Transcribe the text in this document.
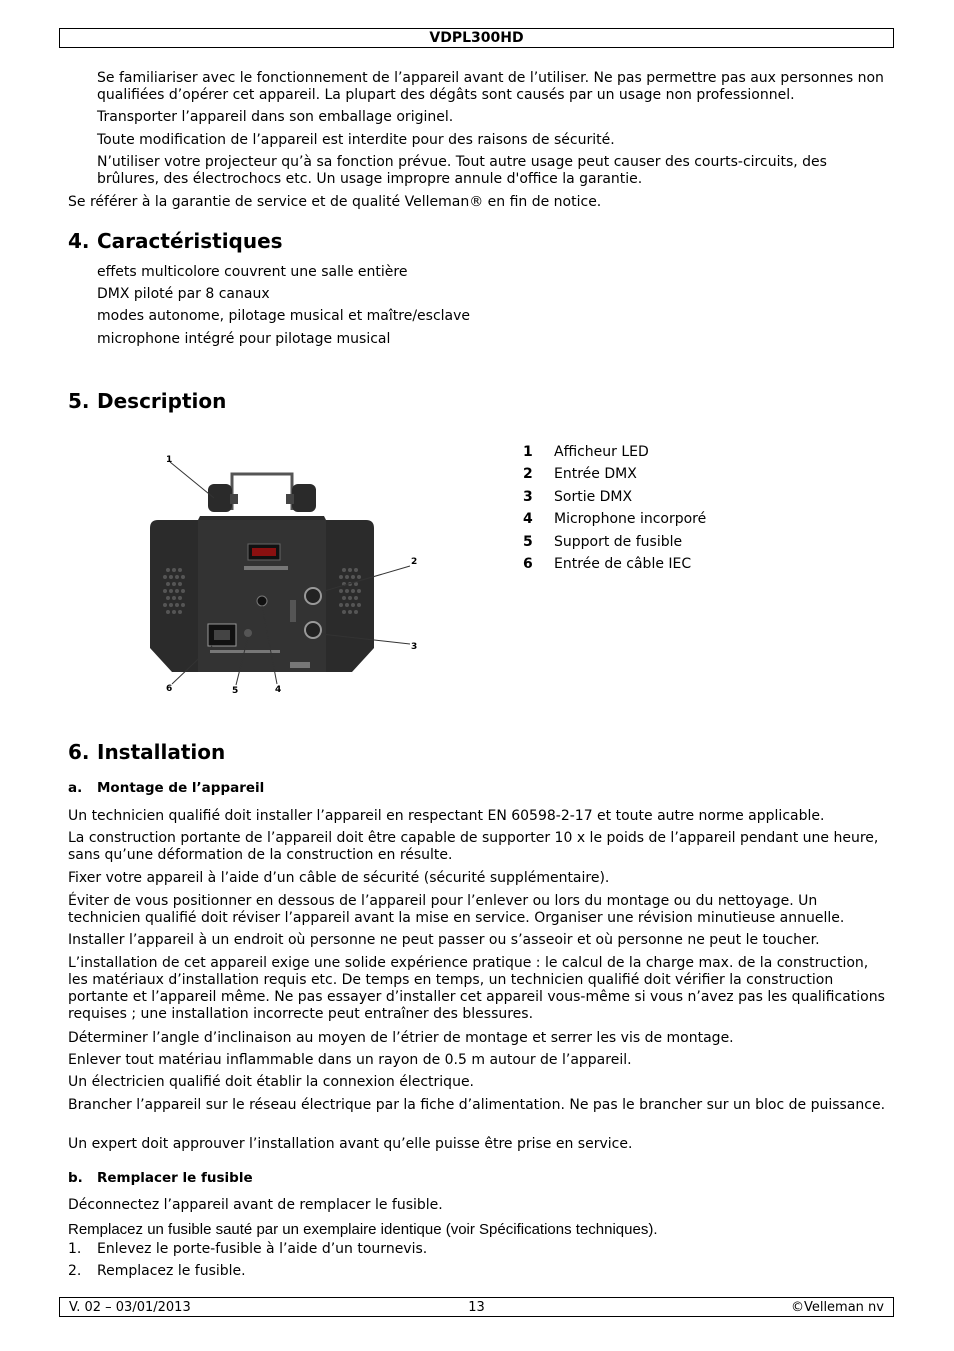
VDPL300HD

Se familiariser avec le fonctionnement de l’appareil avant de l’utiliser. Ne pas permettre pas aux personnes non qualifiées d’opérer cet appareil. La plupart des dégâts sont causés par un usage non professionnel.

Transporter l’appareil dans son emballage originel.

Toute modification de l’appareil est interdite pour des raisons de sécurité.

N’utiliser votre projecteur qu’à sa fonction prévue. Tout autre usage peut causer des courts-circuits, des brûlures, des électrochocs etc. Un usage impropre annule d'office la garantie.

Se référer à la garantie de service et de qualité Velleman® en fin de notice.

4. Caractéristiques

effets multicolore couvrent une salle entière

DMX piloté par 8 canaux

modes autonome, pilotage musical et maître/esclave

microphone intégré pour pilotage musical

5. Description
1
2
3
4
5
6
1	Afficheur LED
2	Entrée DMX
3	Sortie DMX
4	Microphone incorporé
5	Support de fusible
6	Entrée de câble IEC
6. Installation
a. Montage de l’appareil

Un technicien qualifié doit installer l’appareil en respectant EN 60598-2-17 et toute autre norme applicable.

La construction portante de l’appareil doit être capable de supporter 10 x le poids de l’appareil pendant une heure, sans qu’une déformation de la construction en résulte.

Fixer votre appareil à l’aide d’un câble de sécurité (sécurité supplémentaire).

Éviter de vous positionner en dessous de l’appareil pour l’enlever ou lors du montage ou du nettoyage. Un technicien qualifié doit réviser l’appareil avant la mise en service. Organiser une révision minutieuse annuelle.

Installer l’appareil à un endroit où personne ne peut passer ou s’asseoir et où personne ne peut le toucher.

L’installation de cet appareil exige une solide expérience pratique : le calcul de la charge max. de la construction, les matériaux d’installation requis etc. De temps en temps, un technicien qualifié doit vérifier la construction portante et l’appareil même. Ne pas essayer d’installer cet appareil vous-même si vous n’avez pas les qualifications requises ; une installation incorrecte peut entraîner des blessures.

Déterminer l’angle d’inclinaison au moyen de l’étrier de montage et serrer les vis de montage.

Enlever tout matériau inflammable dans un rayon de 0.5 m autour de l’appareil.

Un électricien qualifié doit établir la connexion électrique.

Brancher l’appareil sur le réseau électrique par la fiche d’alimentation. Ne pas le brancher sur un bloc de puissance.

Un expert doit approuver l’installation avant qu’elle puisse être prise en service.

b. Remplacer le fusible

Déconnectez l’appareil avant de remplacer le fusible.

Remplacez un fusible sauté par un exemplaire identique (voir Spécifications techniques).

1. Enlevez le porte-fusible à l’aide d’un tournevis.
2. Remplacez le fusible.
V. 02 – 03/01/2013	13	©Velleman nv
